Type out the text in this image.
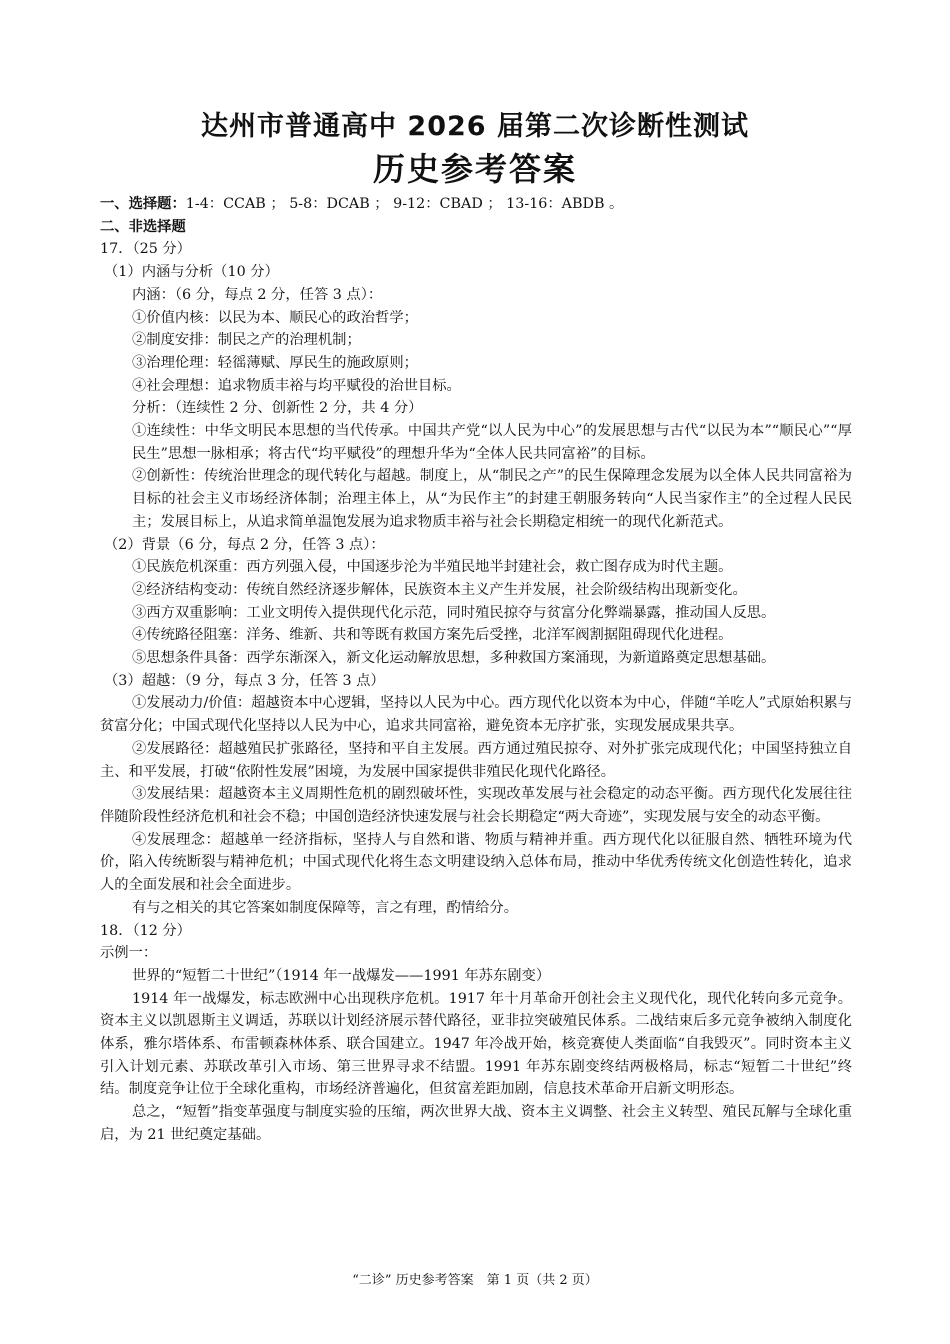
达州市普通高中 2026 届第二次诊断性测试
历史参考答案

一、选择题：1-4：CCAB ； 5-8：DCAB ； 9-12：CBAD ； 13-16：ABDB 。

二、非选择题

17．（25 分）

（1）内涵与分析（10 分）

内涵：（6 分，每点 2 分，任答 3 点）：

①价值内核：以民为本、顺民心的政治哲学；

②制度安排：制民之产的治理机制；

③治理伦理：轻徭薄赋、厚民生的施政原则；

④社会理想：追求物质丰裕与均平赋役的治世目标。

分析：（连续性 2 分、创新性 2 分，共 4 分）

①连续性：中华文明民本思想的当代传承。中国共产党“以人民为中心”的发展思想与古代“以民为本”“顺民心”“厚民生”思想一脉相承；将古代“均平赋役”的理想升华为“全体人民共同富裕”的目标。

②创新性：传统治世理念的现代转化与超越。制度上，从“制民之产”的民生保障理念发展为以全体人民共同富裕为目标的社会主义市场经济体制；治理主体上，从“为民作主”的封建王朝服务转向“人民当家作主”的全过程人民民主；发展目标上，从追求简单温饱发展为追求物质丰裕与社会长期稳定相统一的现代化新范式。

（2）背景（6 分，每点 2 分，任答 3 点）：

①民族危机深重：西方列强入侵，中国逐步沦为半殖民地半封建社会，救亡图存成为时代主题。

②经济结构变动：传统自然经济逐步解体，民族资本主义产生并发展，社会阶级结构出现新变化。

③西方双重影响：工业文明传入提供现代化示范，同时殖民掠夺与贫富分化弊端暴露，推动国人反思。

④传统路径阻塞：洋务、维新、共和等既有救国方案先后受挫，北洋军阀割据阻碍现代化进程。

⑤思想条件具备：西学东渐深入，新文化运动解放思想，多种救国方案涌现，为新道路奠定思想基础。

（3）超越：（9 分，每点 3 分，任答 3 点）

①发展动力/价值：超越资本中心逻辑，坚持以人民为中心。西方现代化以资本为中心，伴随“羊吃人”式原始积累与贫富分化；中国式现代化坚持以人民为中心，追求共同富裕，避免资本无序扩张，实现发展成果共享。

②发展路径：超越殖民扩张路径，坚持和平自主发展。西方通过殖民掠夺、对外扩张完成现代化；中国坚持独立自主、和平发展，打破“依附性发展”困境，为发展中国家提供非殖民化现代化路径。

③发展结果：超越资本主义周期性危机的剧烈破坏性，实现改革发展与社会稳定的动态平衡。西方现代化发展往往伴随阶段性经济危机和社会不稳；中国创造经济快速发展与社会长期稳定“两大奇迹”，实现发展与安全的动态平衡。

④发展理念：超越单一经济指标，坚持人与自然和谐、物质与精神并重。西方现代化以征服自然、牺牲环境为代价，陷入传统断裂与精神危机；中国式现代化将生态文明建设纳入总体布局，推动中华优秀传统文化创造性转化，追求人的全面发展和社会全面进步。

有与之相关的其它答案如制度保障等，言之有理，酌情给分。

18．（12 分）

示例一：

世界的“短暂二十世纪”（1914 年一战爆发——1991 年苏东剧变）

1914 年一战爆发，标志欧洲中心出现秩序危机。1917 年十月革命开创社会主义现代化，现代化转向多元竞争。资本主义以凯恩斯主义调适，苏联以计划经济展示替代路径，亚非拉突破殖民体系。二战结束后多元竞争被纳入制度化体系，雅尔塔体系、布雷顿森林体系、联合国建立。1947 年冷战开始，核竞赛使人类面临“自我毁灭”。同时资本主义引入计划元素、苏联改革引入市场、第三世界寻求不结盟。1991 年苏东剧变终结两极格局，标志“短暂二十世纪”终结。制度竞争让位于全球化重构，市场经济普遍化，但贫富差距加剧，信息技术革命开启新文明形态。

总之，“短暂”指变革强度与制度实验的压缩，两次世界大战、资本主义调整、社会主义转型、殖民瓦解与全球化重启，为 21 世纪奠定基础。

“二诊” 历史参考答案　第 1 页（共 2 页）
